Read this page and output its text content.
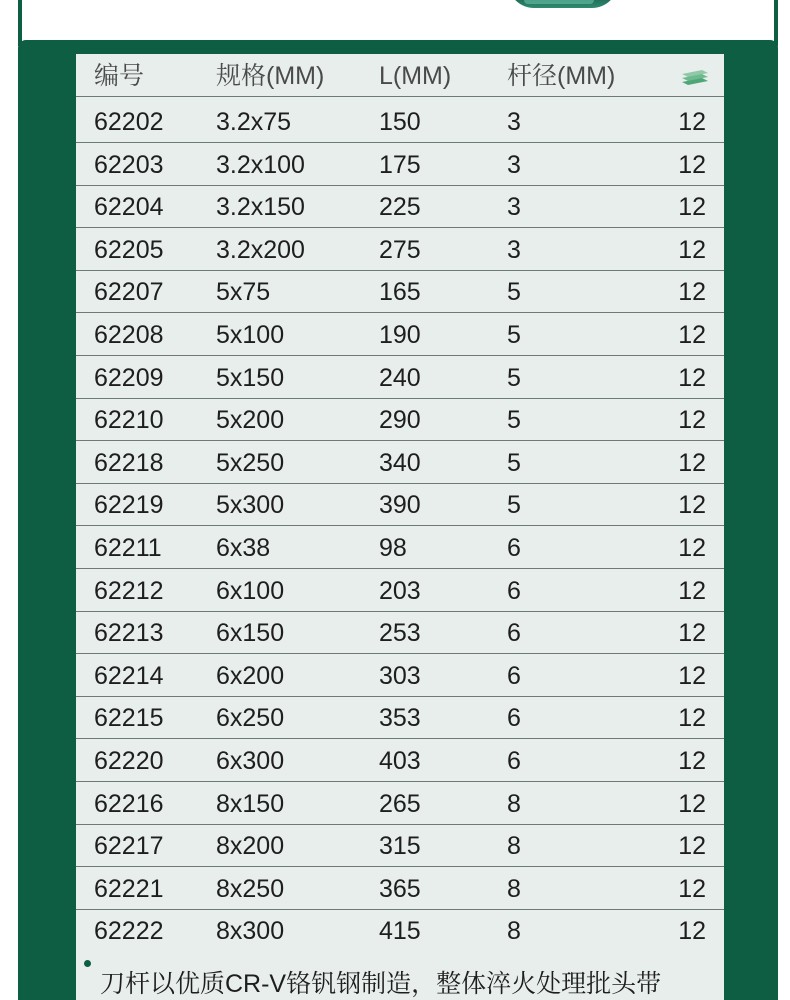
编号	规格(MM) L(MM) 杆径(MM)
62202 3.2x75	150	3	12
62203 3.2x100	175	3	12
62204 3.2x150	225	3	12
62205 3.2x200	275	3	12
62207 5x75	165	5	12
62208 5x100	190	5	12
62209 5x150	240	5	12
62210 5x200	290	5	12
62218 5x250	340	5	12
62219 5x300	390	5	12
62211 6x38	98	6	12
62212 6x100	203	6	12
62213 6x150	253	6	12
62214 6x200	303	6	12
62215 6x250	353	6	12
62220 6x300	403	6	12
62216 8x150	265	8	12
62217 8x200	315	8	12
62221 8x250	365	8	12
62222 8x300	415	8	12
刀杆以优质CR-V铬钒钢制造，整体淬火处理批头带
